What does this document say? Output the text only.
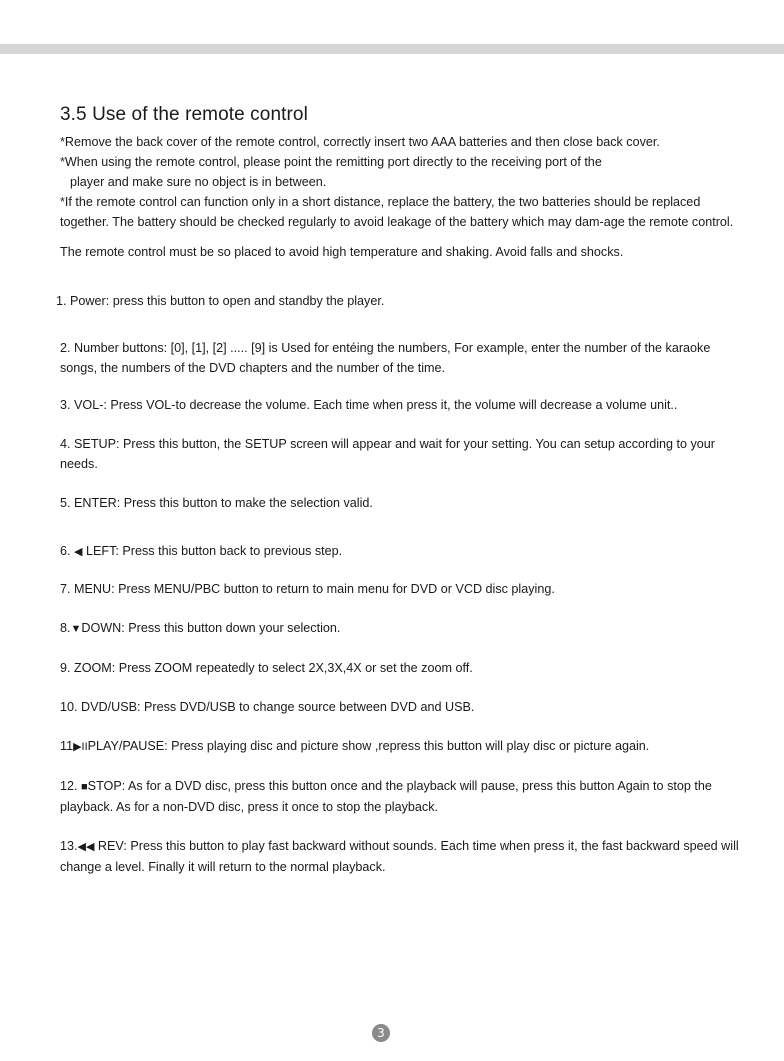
3.5 Use of the remote control

*Remove the back cover of the remote control, correctly insert two AAA batteries and then close back cover.

*When using the remote control, please point the remitting port directly to the receiving port of the

player and make sure no object is in between.

*If the remote control can function only in a short distance, replace the battery, the two batteries should be replaced together. The battery should be checked regularly to avoid leakage of the battery which may dam-age the remote control.

The remote control must be so placed to avoid high temperature and shaking. Avoid falls and shocks.

1. Power: press this button to open and standby the player.

2. Number buttons: [0], [1], [2] ..... [9] is Used for entéing the numbers, For example, enter the number of the karaoke songs, the numbers of the DVD chapters and the number of the time.

3. VOL-: Press VOL-to decrease the volume. Each time when press it, the volume will decrease a volume unit..

4. SETUP: Press this button, the SETUP screen will appear and wait for your setting. You can setup according to your needs.

5. ENTER: Press this button to make the selection valid.

6. ◀ LEFT: Press this button back to previous step.

7. MENU: Press MENU/PBC button to return to main menu for DVD or VCD disc playing.

8.▼DOWN: Press this button down your selection.

9. ZOOM: Press ZOOM repeatedly to select 2X,3X,4X or set the zoom off.

10. DVD/USB: Press DVD/USB to change source between DVD and USB.

11▶IIPLAY/PAUSE: Press playing disc and picture show ,repress this button will play disc or picture again.

12. ■STOP: As for a DVD disc, press this button once and the playback will pause, press this button Again to stop the playback. As for a non-DVD disc, press it once to stop the playback.

13.◀◀ REV: Press this button to play fast backward without sounds. Each time when press it, the fast backward speed will change a level. Finally it will return to the normal playback.

3
